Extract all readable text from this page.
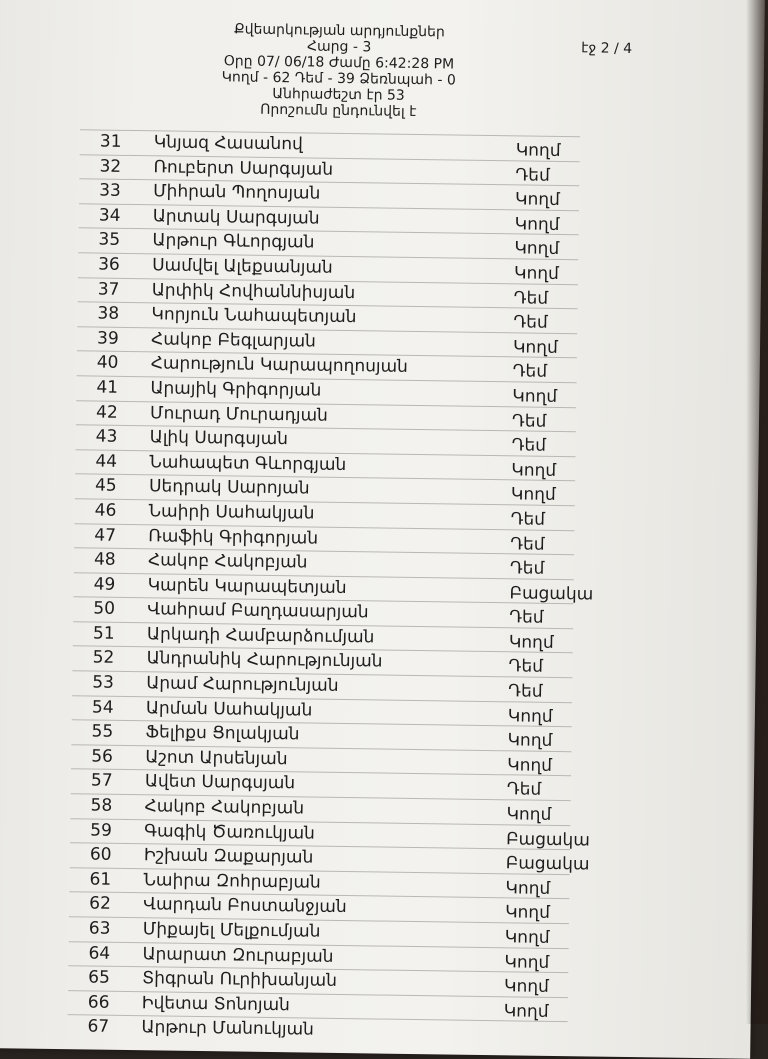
Քվեարկության արդյունքներ
Հարց - 3
Օրը 07/ 06/18 Ժամը 6:42:28 PM
Կողմ - 62 Դեմ - 39 Ձեռնպահ - 0
Անհրաժեշտ էր 53
Որոշումն ընդունվել է
էջ 2 / 4
31	Կնյազ Հասանով	Կողմ
32	Ռուբերտ Սարգսյան	Դեմ
33	Միհրան Պողոսյան	Կողմ
34	Արտակ Սարգսյան	Կողմ
35	Արթուր Գևորգյան	Կողմ
36	Սամվել Ալեքսանյան	Կողմ
37	Արփիկ Հովհաննիսյան	Դեմ
38	Կորյուն Նահապետյան	Դեմ
39	Հակոբ Բեգլարյան	Կողմ
40	Հարություն Կարապողոսյան	Դեմ
41	Արայիկ Գրիգորյան	Կողմ
42	Մուրադ Մուրադյան	Դեմ
43	Ալիկ Սարգսյան	Դեմ
44	Նահապետ Գևորգյան	Կողմ
45	Սեդրակ Սարոյան	Կողմ
46	Նաիրի Սահակյան	Դեմ
47	Ռաֆիկ Գրիգորյան	Դեմ
48	Հակոբ Հակոբյան	Դեմ
49	Կարեն Կարապետյան	Բացակա
50	Վահրամ Բաղդասարյան	Դեմ
51	Արկադի Համբարձումյան	Կողմ
52	Անդրանիկ Հարությունյան	Դեմ
53	Արամ Հարությունյան	Դեմ
54	Արման Սահակյան	Կողմ
55	Ֆելիքս Ցոլակյան	Կողմ
56	Աշոտ Արսենյան	Կողմ
57	Ավետ Սարգսյան	Դեմ
58	Հակոբ Հակոբյան	Կողմ
59	Գագիկ Ծառուկյան	Բացակա
60	Իշխան Զաքարյան	Բացակա
61	Նաիրա Զոհրաբյան	Կողմ
62	Վարդան Բոստանջյան	Կողմ
63	Միքայել Մելքումյան	Կողմ
64	Արարատ Զուրաբյան	Կողմ
65	Տիգրան Ուրիխանյան	Կողմ
66	Իվետա Տոնոյան	Կողմ
67	Արթուր Մանուկյան
